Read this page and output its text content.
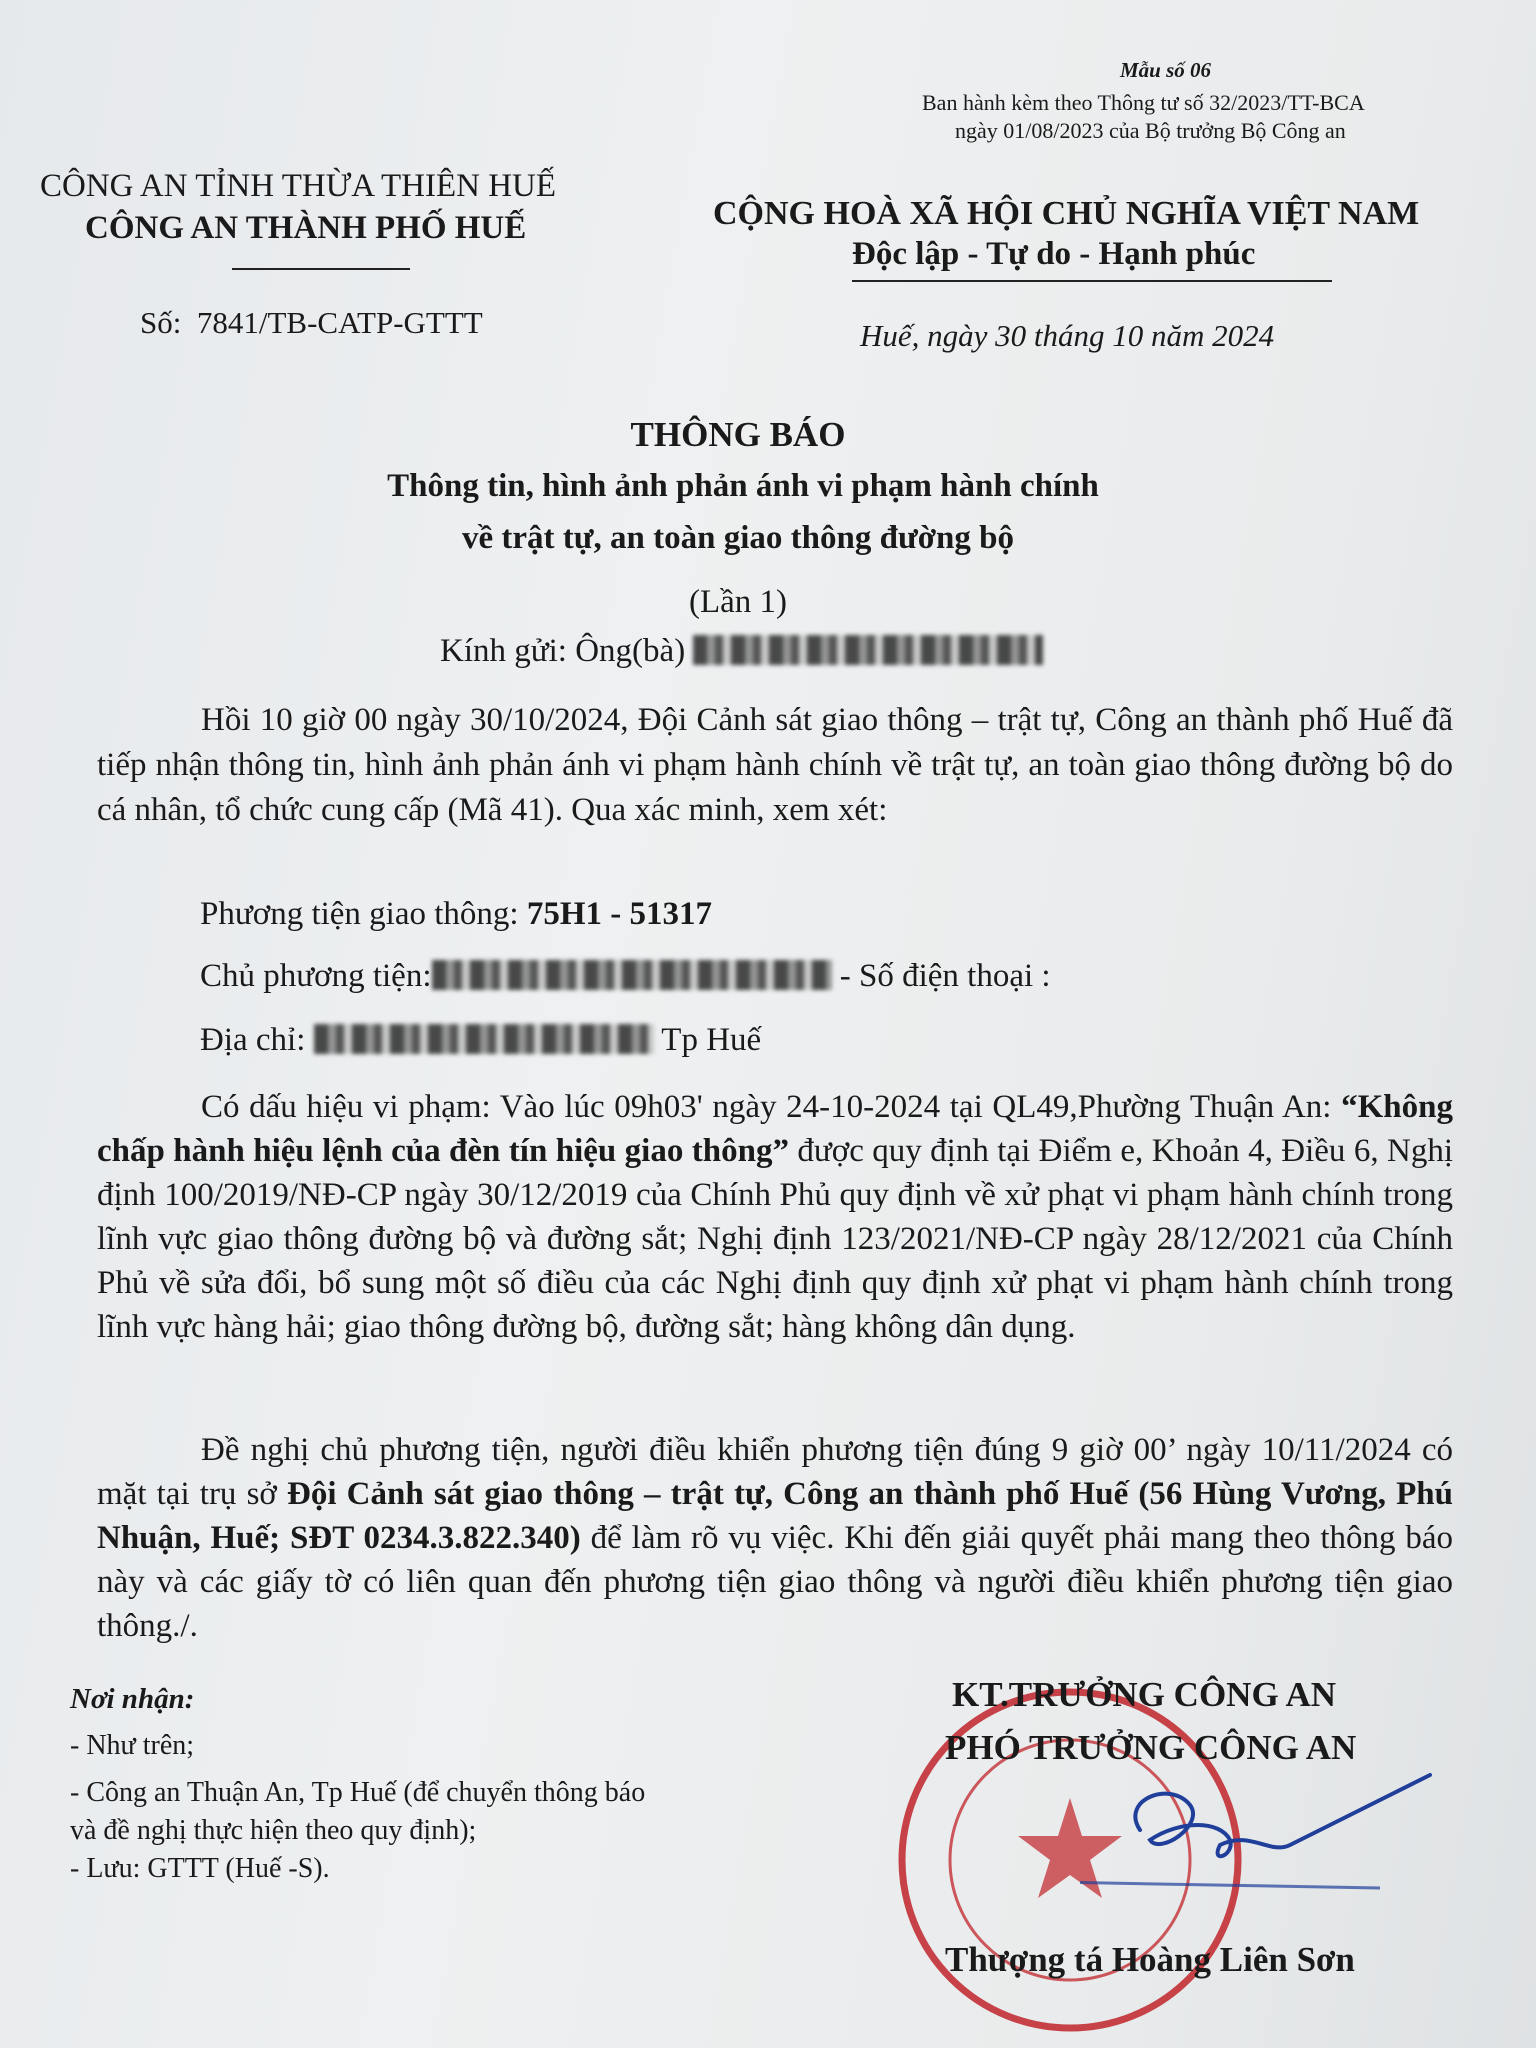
Mẫu số 06
Ban hành kèm theo Thông tư số 32/2023/TT-BCA
ngày 01/08/2023 của Bộ trưởng Bộ Công an
CÔNG AN TỈNH THỪA THIÊN HUẾ
CÔNG AN THÀNH PHỐ HUẾ
Số: 7841/TB-CATP-GTTT
CỘNG HOÀ XÃ HỘI CHỦ NGHĨA VIỆT NAM
Độc lập - Tự do - Hạnh phúc
Huế, ngày 30 tháng 10 năm 2024
THÔNG BÁO
Thông tin, hình ảnh phản ánh vi phạm hành chính
về trật tự, an toàn giao thông đường bộ
(Lần 1)
Kính gửi: Ông(bà)
Hồi 10 giờ 00 ngày 30/10/2024, Đội Cảnh sát giao thông – trật tự, Công an thành phố Huế đã tiếp nhận thông tin, hình ảnh phản ánh vi phạm hành chính về trật tự, an toàn giao thông đường bộ do cá nhân, tổ chức cung cấp (Mã 41). Qua xác minh, xem xét:
Phương tiện giao thông: 75H1 - 51317
Chủ phương tiện:	- Số điện thoại :
Địa chỉ:	Tp Huế
Có dấu hiệu vi phạm: Vào lúc 09h03' ngày 24-10-2024 tại QL49,Phường Thuận An: “Không chấp hành hiệu lệnh của đèn tín hiệu giao thông” được quy định tại Điểm e, Khoản 4, Điều 6, Nghị định 100/2019/NĐ-CP ngày 30/12/2019 của Chính Phủ quy định về xử phạt vi phạm hành chính trong lĩnh vực giao thông đường bộ và đường sắt; Nghị định 123/2021/NĐ-CP ngày 28/12/2021 của Chính Phủ về sửa đổi, bổ sung một số điều của các Nghị định quy định xử phạt vi phạm hành chính trong lĩnh vực hàng hải; giao thông đường bộ, đường sắt; hàng không dân dụng.
Đề nghị chủ phương tiện, người điều khiển phương tiện đúng 9 giờ 00’ ngày 10/11/2024 có mặt tại trụ sở Đội Cảnh sát giao thông – trật tự, Công an thành phố Huế (56 Hùng Vương, Phú Nhuận, Huế; SĐT 0234.3.822.340) để làm rõ vụ việc. Khi đến giải quyết phải mang theo thông báo này và các giấy tờ có liên quan đến phương tiện giao thông và người điều khiển phương tiện giao thông./.
Nơi nhận:
- Như trên;
- Công an Thuận An, Tp Huế (để chuyển thông báo
và đề nghị thực hiện theo quy định);
- Lưu: GTTT (Huế -S).
KT.TRƯỞNG CÔNG AN
PHÓ TRƯỞNG CÔNG AN
Thượng tá Hoàng Liên Sơn
